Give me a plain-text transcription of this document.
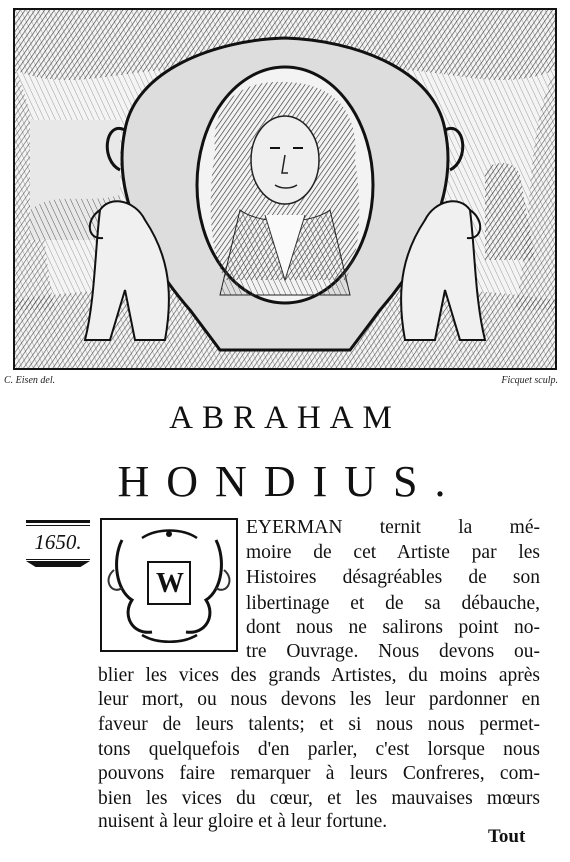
C. Eisen del.	Ficquet sculp.
ABRAHAM
HONDIUS.
1650.
W
EYERMAN ternit la mé-
moire de cet Artiste par les
Histoires désagréables de son
libertinage et de sa débauche,
dont nous ne salirons point no-
tre Ouvrage. Nous devons ou-
blier les vices des grands Artistes, du moins après
leur mort, ou nous devons les leur pardonner en
faveur de leurs talents; et si nous nous permet-
tons quelquefois d'en parler, c'est lorsque nous
pouvons faire remarquer à leurs Confreres, com-
bien les vices du cœur, et les mauvaises mœurs
nuisent à leur gloire et à leur fortune.
Tout
